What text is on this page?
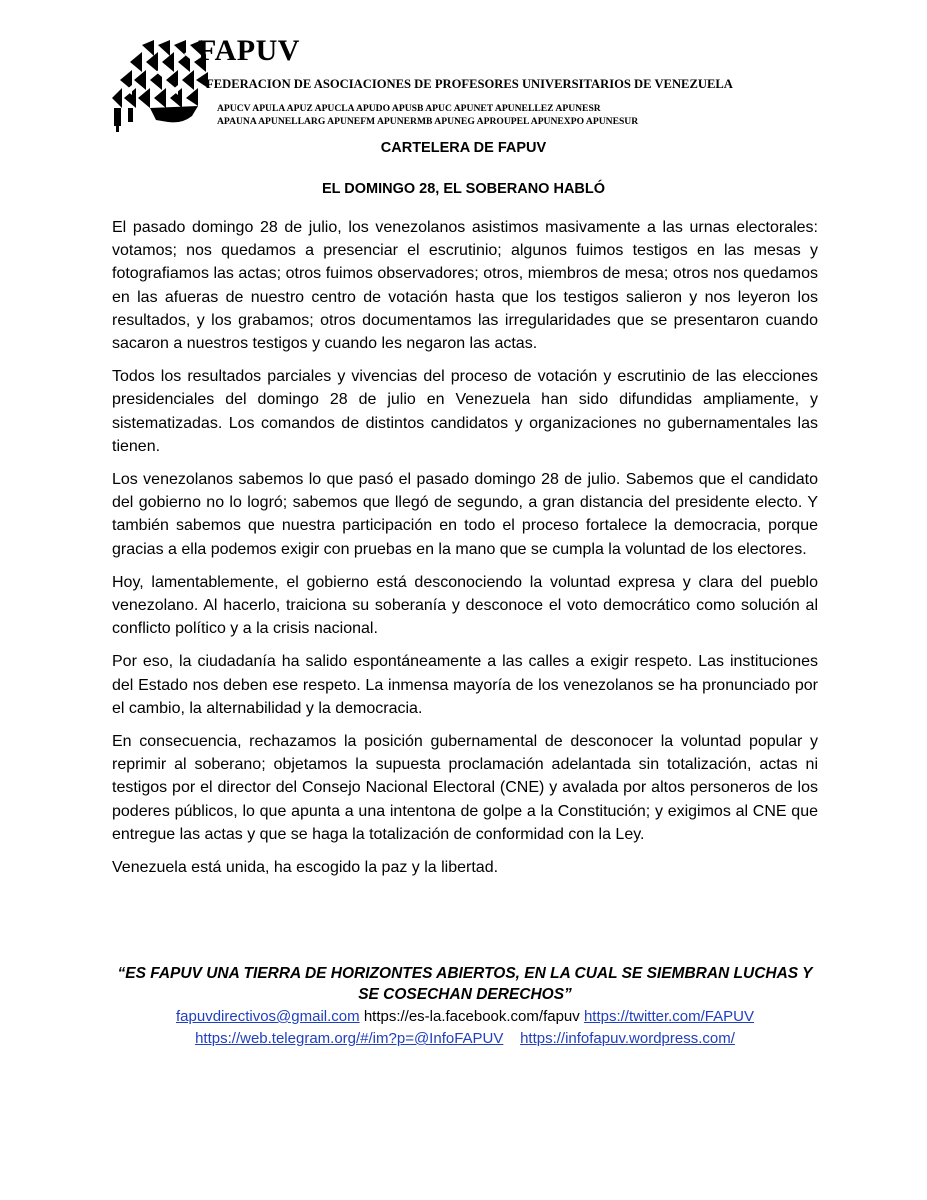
FAPUV
FEDERACION DE ASOCIACIONES DE PROFESORES UNIVERSITARIOS DE VENEZUELA
APUCV APULA APUZ APUCLA APUDO APUSB APUC APUNET APUNELLEZ APUNESR
APAUNA APUNELLARG APUNEFM APUNERMB APUNEG APROUPEL APUNEXPO APUNESUR
CARTELERA DE FAPUV
EL DOMINGO 28, EL SOBERANO HABLÓ

El pasado domingo 28 de julio, los venezolanos asistimos masivamente a las urnas electorales: votamos; nos quedamos a presenciar el escrutinio; algunos fuimos testigos en las mesas y fotografiamos las actas; otros fuimos observadores; otros, miembros de mesa; otros nos quedamos en las afueras de nuestro centro de votación hasta que los testigos salieron y nos leyeron los resultados, y los grabamos; otros documentamos las irregularidades que se presentaron cuando sacaron a nuestros testigos y cuando les negaron las actas.

Todos los resultados parciales y vivencias del proceso de votación y escrutinio de las elecciones presidenciales del domingo 28 de julio en Venezuela han sido difundidas ampliamente, y sistematizadas. Los comandos de distintos candidatos y organizaciones no gubernamentales las tienen.

Los venezolanos sabemos lo que pasó el pasado domingo 28 de julio. Sabemos que el candidato del gobierno no lo logró; sabemos que llegó de segundo, a gran distancia del presidente electo. Y también sabemos que nuestra participación en todo el proceso fortalece la democracia, porque gracias a ella podemos exigir con pruebas en la mano que se cumpla la voluntad de los electores.

Hoy, lamentablemente, el gobierno está desconociendo la voluntad expresa y clara del pueblo venezolano. Al hacerlo, traiciona su soberanía y desconoce el voto democrático como solución al conflicto político y a la crisis nacional.

Por eso, la ciudadanía ha salido espontáneamente a las calles a exigir respeto. Las instituciones del Estado nos deben ese respeto. La inmensa mayoría de los venezolanos se ha pronunciado por el cambio, la alternabilidad y la democracia.

En consecuencia, rechazamos la posición gubernamental de desconocer la voluntad popular y reprimir al soberano; objetamos la supuesta proclamación adelantada sin totalización, actas ni testigos por el director del Consejo Nacional Electoral (CNE) y avalada por altos personeros de los poderes públicos, lo que apunta a una intentona de golpe a la Constitución; y exigimos al CNE que entregue las actas y que se haga la totalización de conformidad con la Ley.

Venezuela está unida, ha escogido la paz y la libertad.

“ES FAPUV UNA TIERRA DE HORIZONTES ABIERTOS, EN LA CUAL SE SIEMBRAN LUCHAS Y SE COSECHAN DERECHOS”
fapuvdirectivos@gmail.com https://es-la.facebook.com/fapuv https://twitter.com/FAPUV
https://web.telegram.org/#/im?p=@InfoFAPUV https://infofapuv.wordpress.com/
